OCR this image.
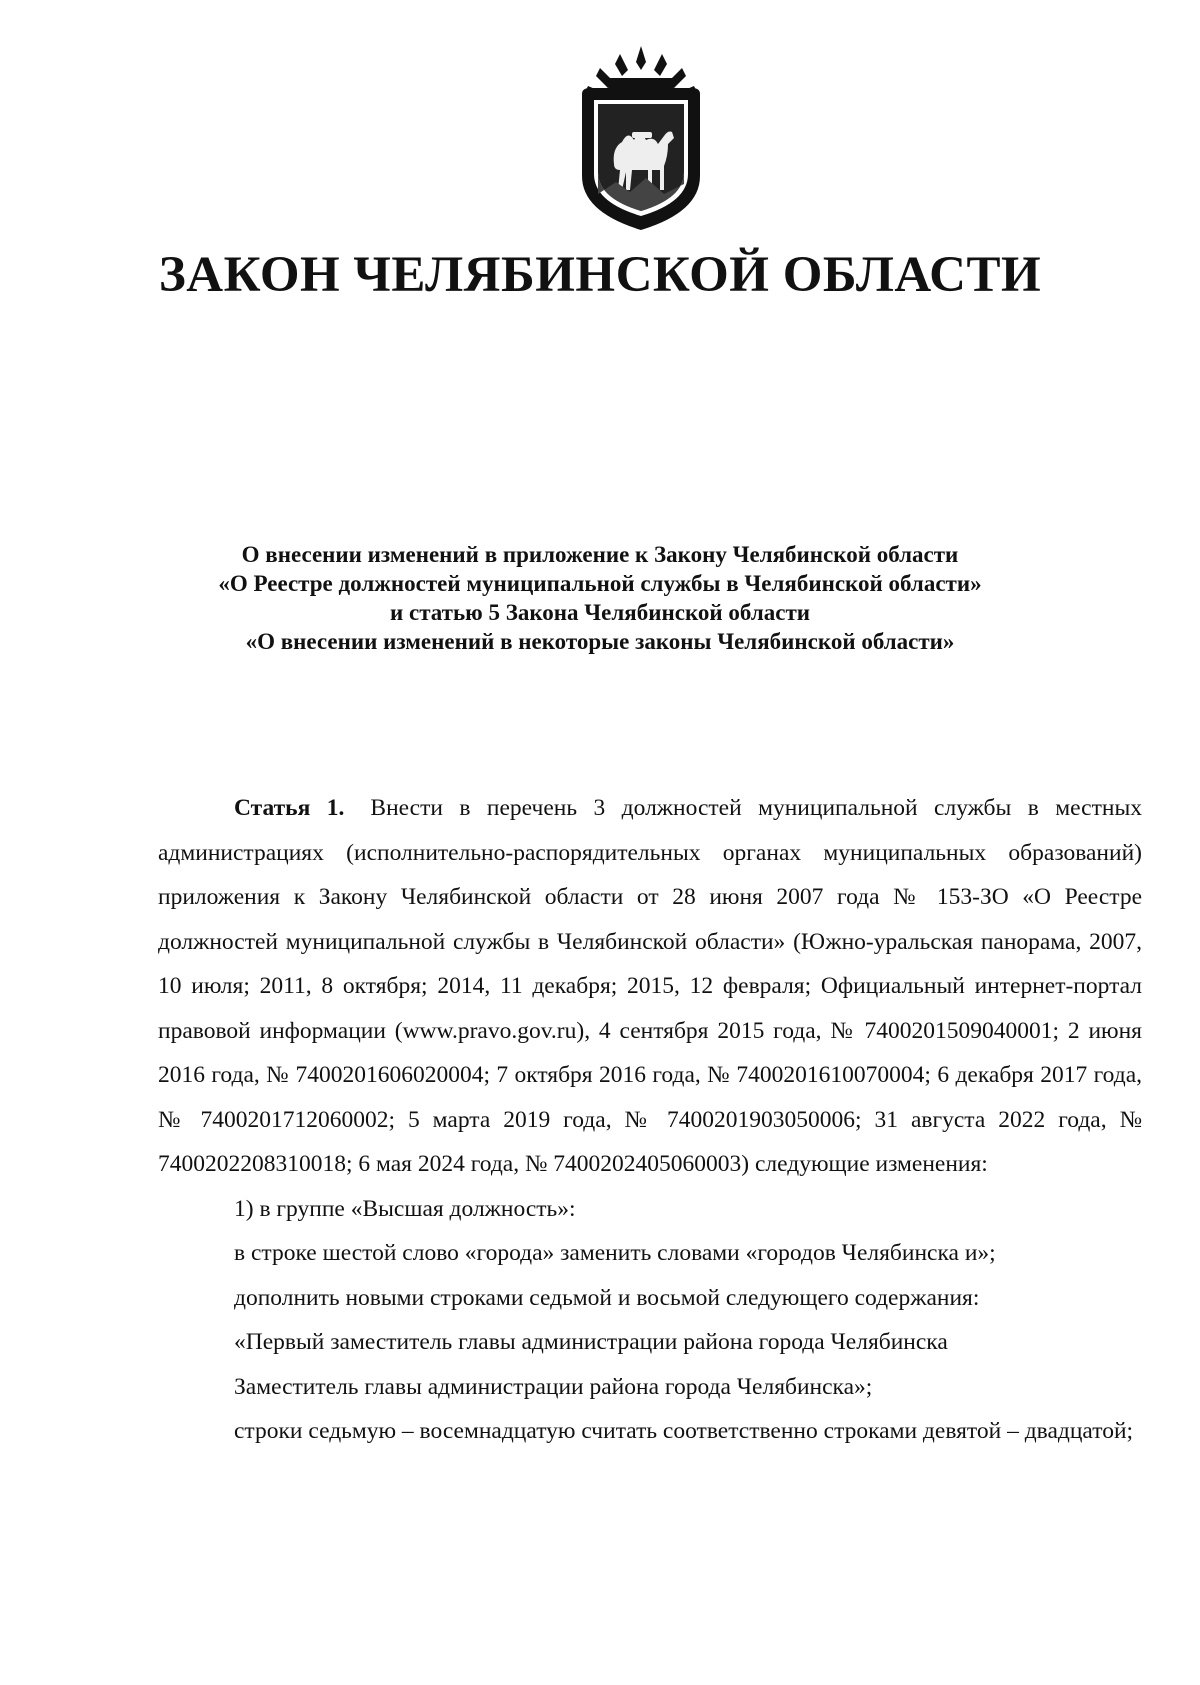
ЗАКОН ЧЕЛЯБИНСКОЙ ОБЛАСТИ
О внесении изменений в приложение к Закону Челябинской области
«О Реестре должностей муниципальной службы в Челябинской области»
и статью 5 Закона Челябинской области
«О внесении изменений в некоторые законы Челябинской области»

Статья 1. Внести в перечень 3 должностей муниципальной службы в местных администрациях (исполнительно-распорядительных органах муниципальных образований) приложения к Закону Челябинской области от 28 июня 2007 года № 153-ЗО «О Реестре должностей муниципальной службы в Челябинской области» (Южно-уральская панорама, 2007, 10 июля; 2011, 8 октября; 2014, 11 декабря; 2015, 12 февраля; Официальный интернет-портал правовой информации (www.pravo.gov.ru), 4 сентября 2015 года, № 7400201509040001; 2 июня 2016 года, № 7400201606020004; 7 октября 2016 года, № 7400201610070004; 6 декабря 2017 года, № 7400201712060002; 5 марта 2019 года, № 7400201903050006; 31 августа 2022 года, № 7400202208310018; 6 мая 2024 года, № 7400202405060003) следующие изменения:

1) в группе «Высшая должность»:

в строке шестой слово «города» заменить словами «городов Челябинска и»;

дополнить новыми строками седьмой и восьмой следующего содержания:

«Первый заместитель главы администрации района города Челябинска

Заместитель главы администрации района города Челябинска»;

строки седьмую – восемнадцатую считать соответственно строками девятой – двадцатой;
